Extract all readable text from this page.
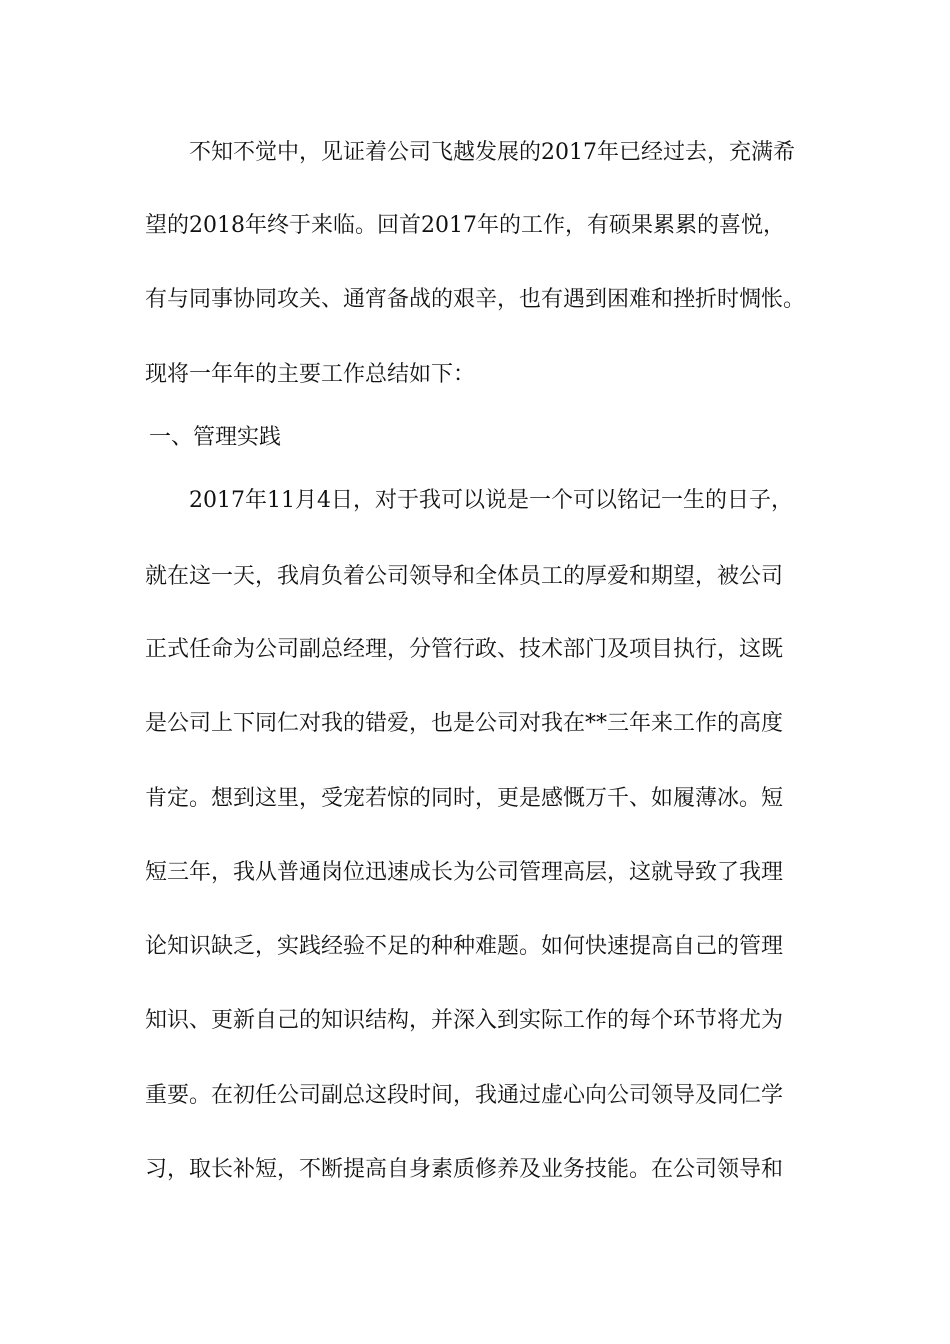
不知不觉中，见证着公司飞越发展的2017年已经过去，充满希
望的2018年终于来临。回首2017年的工作，有硕果累累的喜悦，
有与同事协同攻关、通宵备战的艰辛，也有遇到困难和挫折时惆怅。
现将一年年的主要工作总结如下：
一、管理实践
2017年11月4日，对于我可以说是一个可以铭记一生的日子，
就在这一天，我肩负着公司领导和全体员工的厚爱和期望，被公司
正式任命为公司副总经理，分管行政、技术部门及项目执行，这既
是公司上下同仁对我的错爱，也是公司对我在**三年来工作的高度
肯定。想到这里，受宠若惊的同时，更是感慨万千、如履薄冰。短
短三年，我从普通岗位迅速成长为公司管理高层，这就导致了我理
论知识缺乏，实践经验不足的种种难题。如何快速提高自己的管理
知识、更新自己的知识结构，并深入到实际工作的每个环节将尤为
重要。在初任公司副总这段时间，我通过虚心向公司领导及同仁学
习，取长补短，不断提高自身素质修养及业务技能。在公司领导和
